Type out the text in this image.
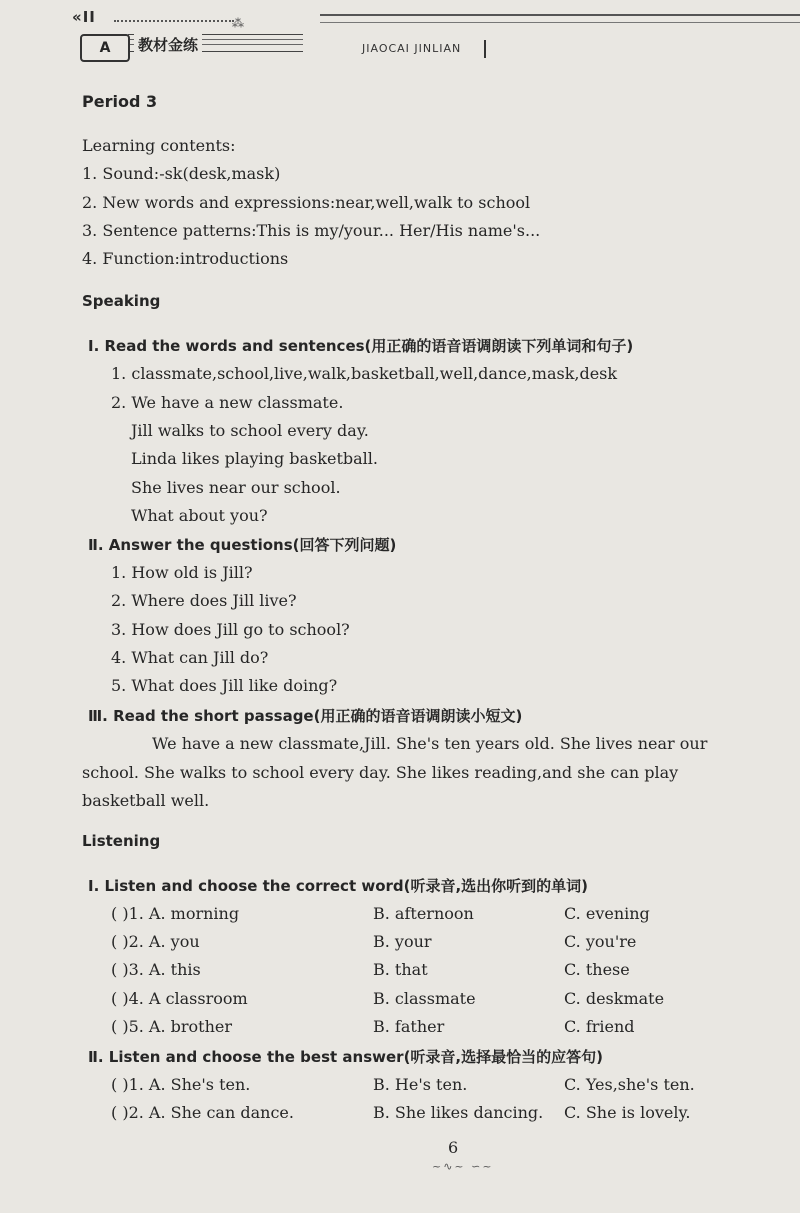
«II	⁂
A	教材金练	JIAOCAI JINLIAN
Period 3
Learning contents:
1. Sound:-sk(desk,mask)
2. New words and expressions:near,well,walk to school
3. Sentence patterns:This is my/your... Her/His name's...
4. Function:introductions
Speaking
Ⅰ. Read the words and sentences(用正确的语音语调朗读下列单词和句子)
1. classmate,school,live,walk,basketball,well,dance,mask,desk
2. We have a new classmate.
Jill walks to school every day.
Linda likes playing basketball.
She lives near our school.
What about you?
Ⅱ. Answer the questions(回答下列问题)
1. How old is Jill?
2. Where does Jill live?
3. How does Jill go to school?
4. What can Jill do?
5. What does Jill like doing?
Ⅲ. Read the short passage(用正确的语音语调朗读小短文)
We have a new classmate,Jill. She's ten years old. She lives near our
school. She walks to school every day. She likes reading,and she can play
basketball well.
Listening
Ⅰ. Listen and choose the correct word(听录音,选出你听到的单词)
( )1. A. morning	B. afternoon	C. evening
( )2. A. you	B. your	C. you're
( )3. A. this	B. that	C. these
( )4. A classroom	B. classmate	C. deskmate
( )5. A. brother	B. father	C. friend
Ⅱ. Listen and choose the best answer(听录音,选择最恰当的应答句)
( )1. A. She's ten.	B. He's ten.	C. Yes,she's ten.
( )2. A. She can dance.	B. She likes dancing. C. She is lovely.
6
~∿~ ∽~
